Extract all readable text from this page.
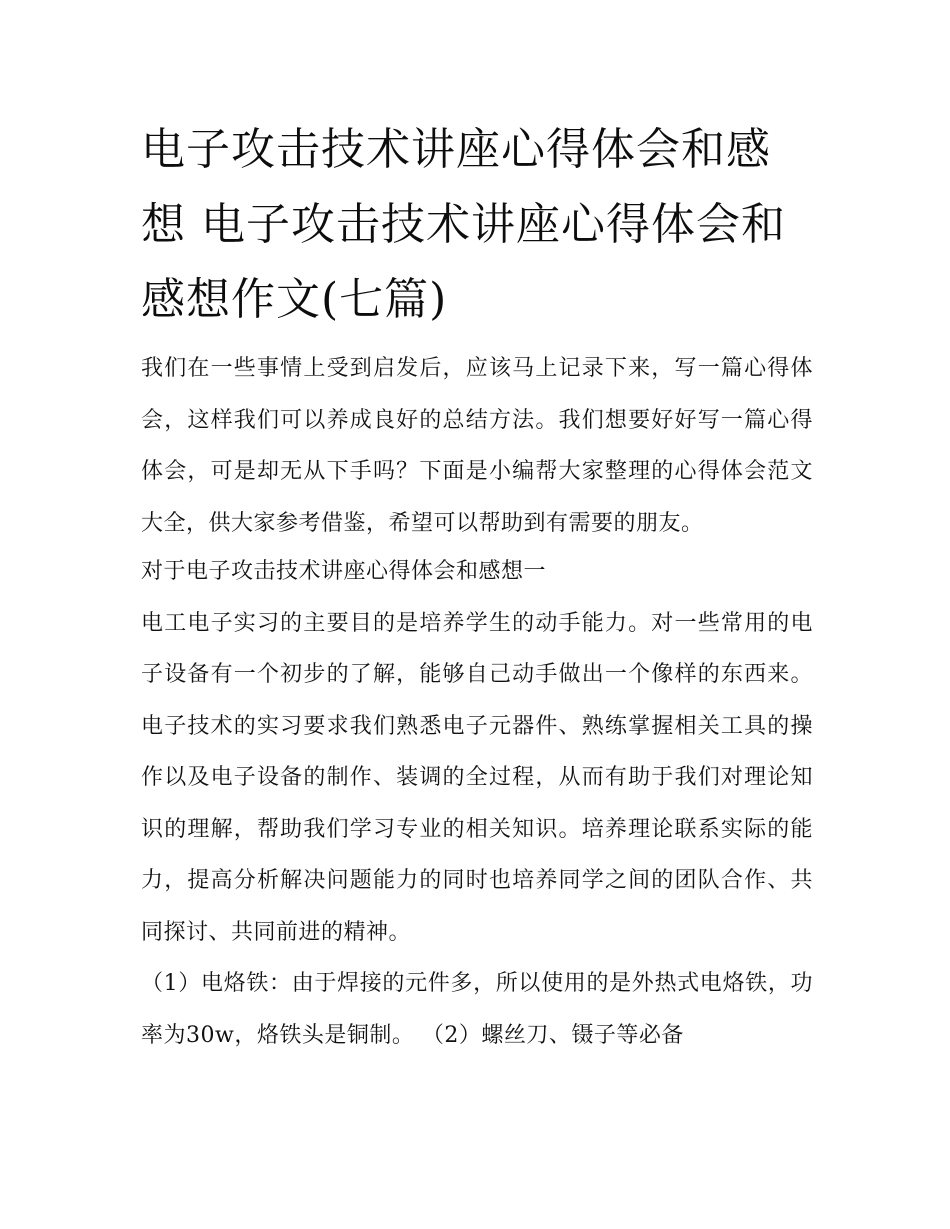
电子攻击技术讲座心得体会和感想 电子攻击技术讲座心得体会和感想作文(七篇)

我们在一些事情上受到启发后，应该马上记录下来，写一篇心得体会，这样我们可以养成良好的总结方法。我们想要好好写一篇心得体会，可是却无从下手吗？下面是小编帮大家整理的心得体会范文大全，供大家参考借鉴，希望可以帮助到有需要的朋友。

对于电子攻击技术讲座心得体会和感想一

电工电子实习的主要目的是培养学生的动手能力。对一些常用的电子设备有一个初步的了解，能够自己动手做出一个像样的东西来。电子技术的实习要求我们熟悉电子元器件、熟练掌握相关工具的操作以及电子设备的制作、装调的全过程，从而有助于我们对理论知识的理解，帮助我们学习专业的相关知识。培养理论联系实际的能力，提高分析解决问题能力的同时也培养同学之间的团队合作、共同探讨、共同前进的精神。

（1）电烙铁：由于焊接的元件多，所以使用的是外热式电烙铁，功率为30w，烙铁头是铜制。 （2）螺丝刀、镊子等必备
